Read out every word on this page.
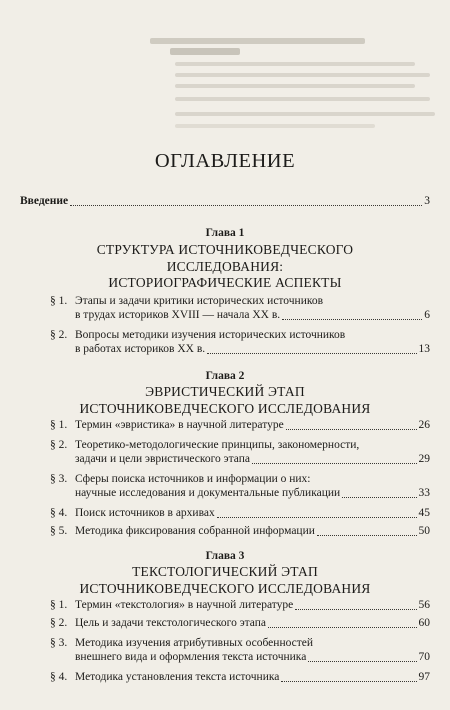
ОГЛАВЛЕНИЕ
Введение	3
Глава 1
СТРУКТУРА ИСТОЧНИКОВЕДЧЕСКОГО
ИССЛЕДОВАНИЯ:
ИСТОРИОГРАФИЧЕСКИЕ АСПЕКТЫ
§ 1. Этапы и задачи критики исторических источников
в трудах историков XVIII — начала XX в.	6
§ 2. Вопросы методики изучения исторических источников
в работах историков XX в.	13
Глава 2
ЭВРИСТИЧЕСКИЙ ЭТАП
ИСТОЧНИКОВЕДЧЕСКОГО ИССЛЕДОВАНИЯ
§ 1. Термин «эвристика» в научной литературе	26
§ 2. Теоретико-методологические принципы, закономерности,
задачи и цели эвристического этапа	29
§ 3. Сферы поиска источников и информации о них:
научные исследования и документальные публикации	33
§ 4. Поиск источников в архивах	45
§ 5. Методика фиксирования собранной информации	50
Глава 3
ТЕКСТОЛОГИЧЕСКИЙ ЭТАП
ИСТОЧНИКОВЕДЧЕСКОГО ИССЛЕДОВАНИЯ
§ 1. Термин «текстология» в научной литературе	56
§ 2. Цель и задачи текстологического этапа	60
§ 3. Методика изучения атрибутивных особенностей
внешнего вида и оформления текста источника	70
§ 4. Методика установления текста источника	97
